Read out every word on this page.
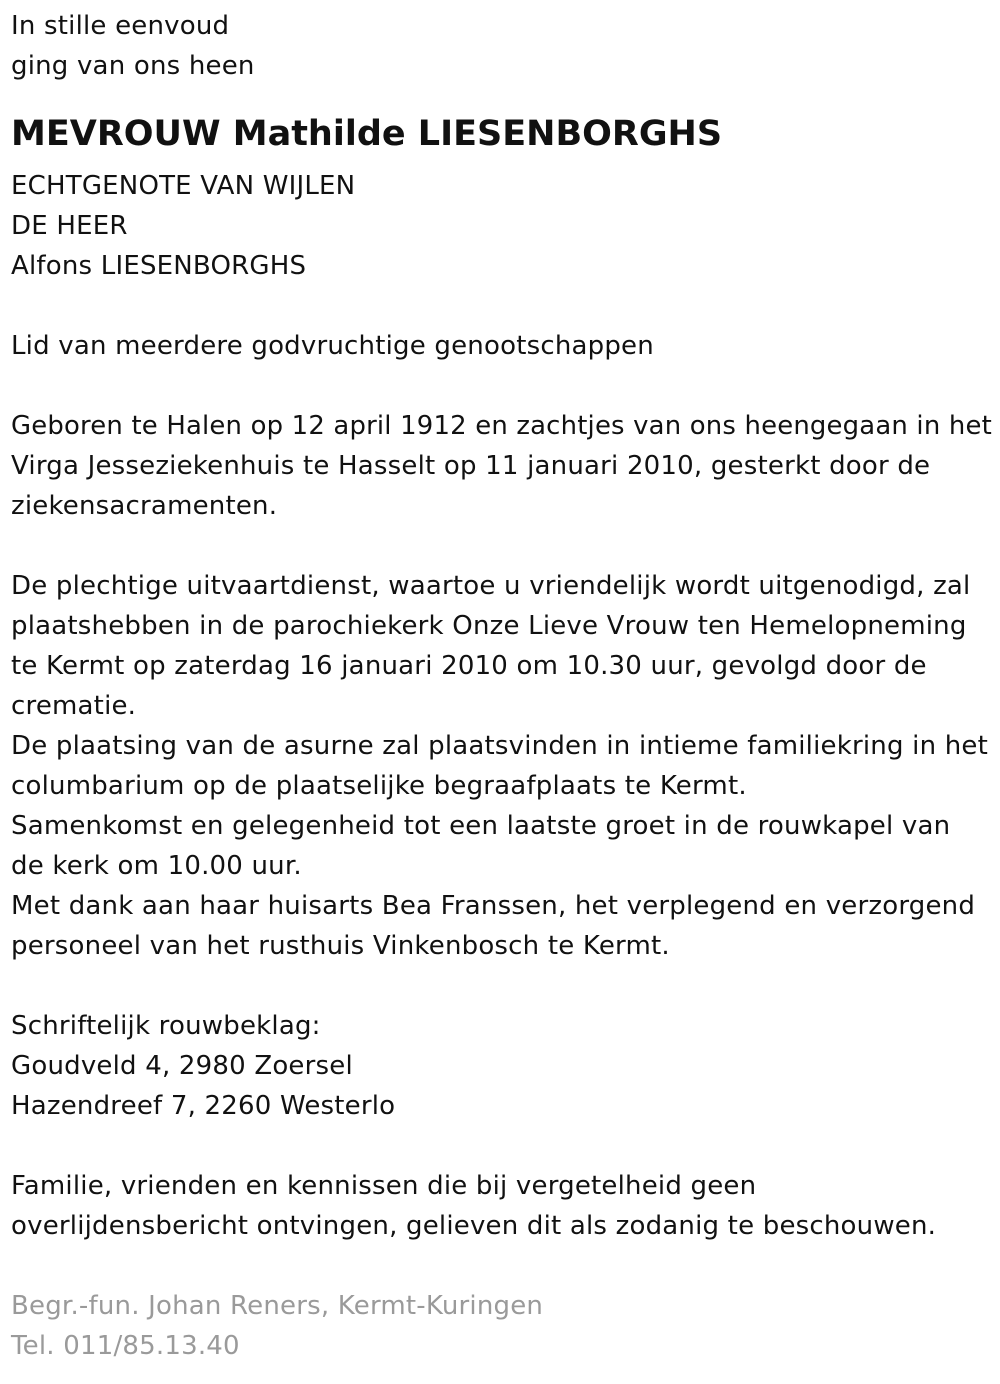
In stille eenvoud
ging van ons heen
MEVROUW Mathilde LIESENBORGHS
ECHTGENOTE VAN WIJLEN
DE HEER
Alfons LIESENBORGHS
Lid van meerdere godvruchtige genootschappen
Geboren te Halen op 12 april 1912 en zachtjes van ons heengegaan in het
Virga Jesseziekenhuis te Hasselt op 11 januari 2010, gesterkt door de
ziekensacramenten.
De plechtige uitvaartdienst, waartoe u vriendelijk wordt uitgenodigd, zal
plaatshebben in de parochiekerk Onze Lieve Vrouw ten Hemelopneming
te Kermt op zaterdag 16 januari 2010 om 10.30 uur, gevolgd door de
crematie.
De plaatsing van de asurne zal plaatsvinden in intieme familiekring in het
columbarium op de plaatselijke begraafplaats te Kermt.
Samenkomst en gelegenheid tot een laatste groet in de rouwkapel van
de kerk om 10.00 uur.
Met dank aan haar huisarts Bea Franssen, het verplegend en verzorgend
personeel van het rusthuis Vinkenbosch te Kermt.
Schriftelijk rouwbeklag:
Goudveld 4, 2980 Zoersel
Hazendreef 7, 2260 Westerlo
Familie, vrienden en kennissen die bij vergetelheid geen
overlijdensbericht ontvingen, gelieven dit als zodanig te beschouwen.
Begr.-fun. Johan Reners, Kermt-Kuringen
Tel. 011/85.13.40
